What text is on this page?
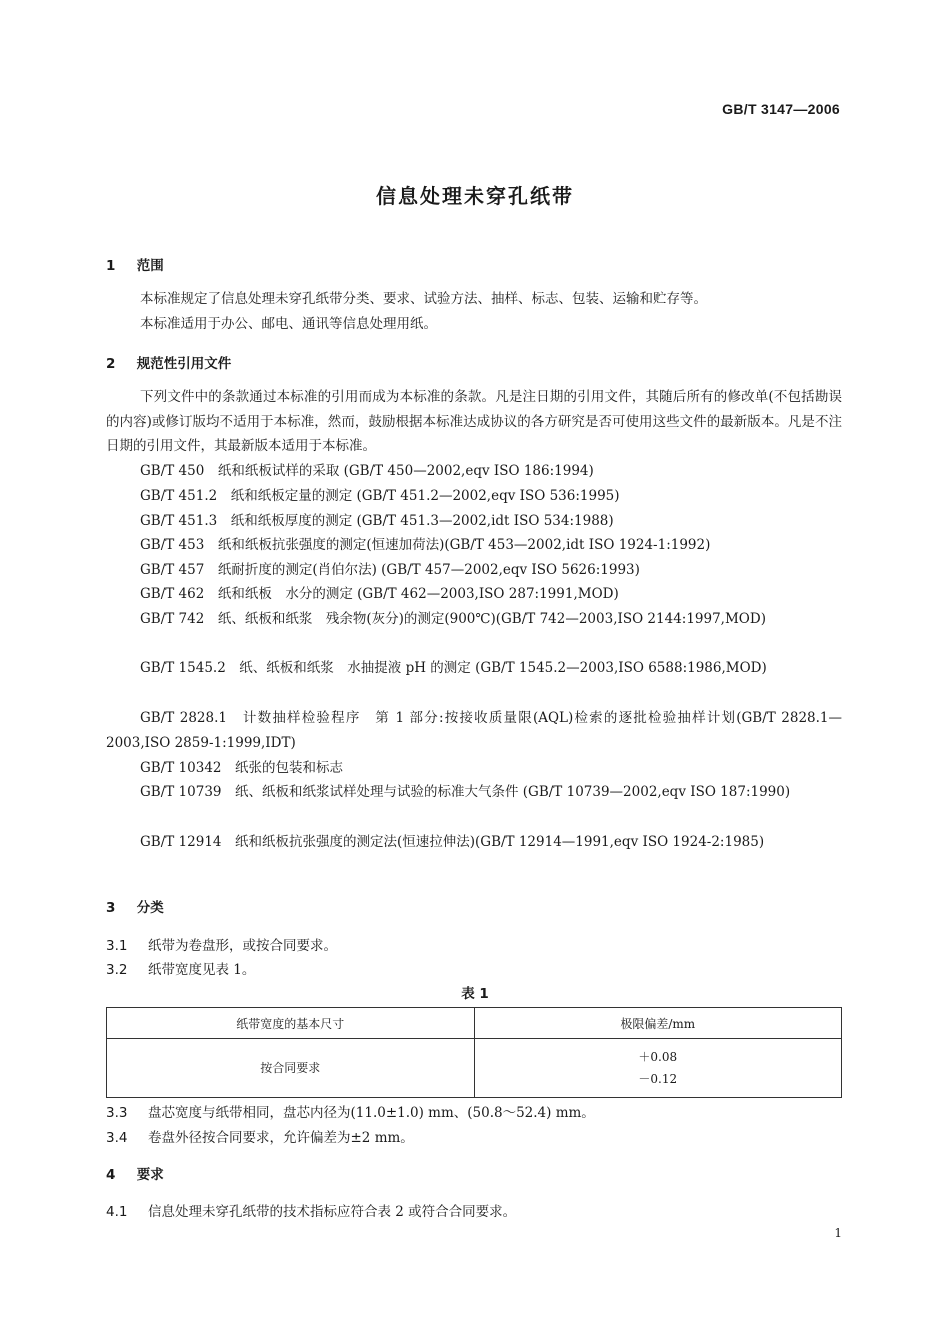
GB/T 3147—2006
信息处理未穿孔纸带
1 范围
本标准规定了信息处理未穿孔纸带分类、要求、试验方法、抽样、标志、包装、运输和贮存等。
本标准适用于办公、邮电、通讯等信息处理用纸。
2 规范性引用文件
下列文件中的条款通过本标准的引用而成为本标准的条款。凡是注日期的引用文件，其随后所有的修改单(不包括勘误的内容)或修订版均不适用于本标准，然而，鼓励根据本标准达成协议的各方研究是否可使用这些文件的最新版本。凡是不注日期的引用文件，其最新版本适用于本标准。
GB/T 450　纸和纸板试样的采取 (GB/T 450—2002,eqv ISO 186:1994)
GB/T 451.2　纸和纸板定量的测定 (GB/T 451.2—2002,eqv ISO 536:1995)
GB/T 451.3　纸和纸板厚度的测定 (GB/T 451.3—2002,idt ISO 534:1988)
GB/T 453　纸和纸板抗张强度的测定(恒速加荷法)(GB/T 453—2002,idt ISO 1924-1:1992)
GB/T 457　纸耐折度的测定(肖伯尔法) (GB/T 457—2002,eqv ISO 5626:1993)
GB/T 462　纸和纸板　水分的测定 (GB/T 462—2003,ISO 287:1991,MOD)
GB/T 742　纸、纸板和纸浆　残余物(灰分)的测定(900℃)(GB/T 742—2003,ISO 2144:1997,MOD)
GB/T 1545.2　纸、纸板和纸浆　水抽提液 pH 的测定 (GB/T 1545.2—2003,ISO 6588:1986,MOD)
GB/T 2828.1　计数抽样检验程序　第 1 部分:按接收质量限(AQL)检索的逐批检验抽样计划(GB/T 2828.1—2003,ISO 2859-1:1999,IDT)
GB/T 10342　纸张的包装和标志
GB/T 10739　纸、纸板和纸浆试样处理与试验的标准大气条件 (GB/T 10739—2002,eqv ISO 187:1990)
GB/T 12914　纸和纸板抗张强度的测定法(恒速拉伸法)(GB/T 12914—1991,eqv ISO 1924-2:1985)
3 分类
3.1 纸带为卷盘形，或按合同要求。
3.2 纸带宽度见表 1。
表 1
纸带宽度的基本尺寸	极限偏差/mm
按合同要求	＋0.08
－0.12
3.3 盘芯宽度与纸带相同，盘芯内径为(11.0±1.0) mm、(50.8～52.4) mm。
3.4 卷盘外径按合同要求，允许偏差为±2 mm。
4 要求
4.1 信息处理未穿孔纸带的技术指标应符合表 2 或符合合同要求。
1
